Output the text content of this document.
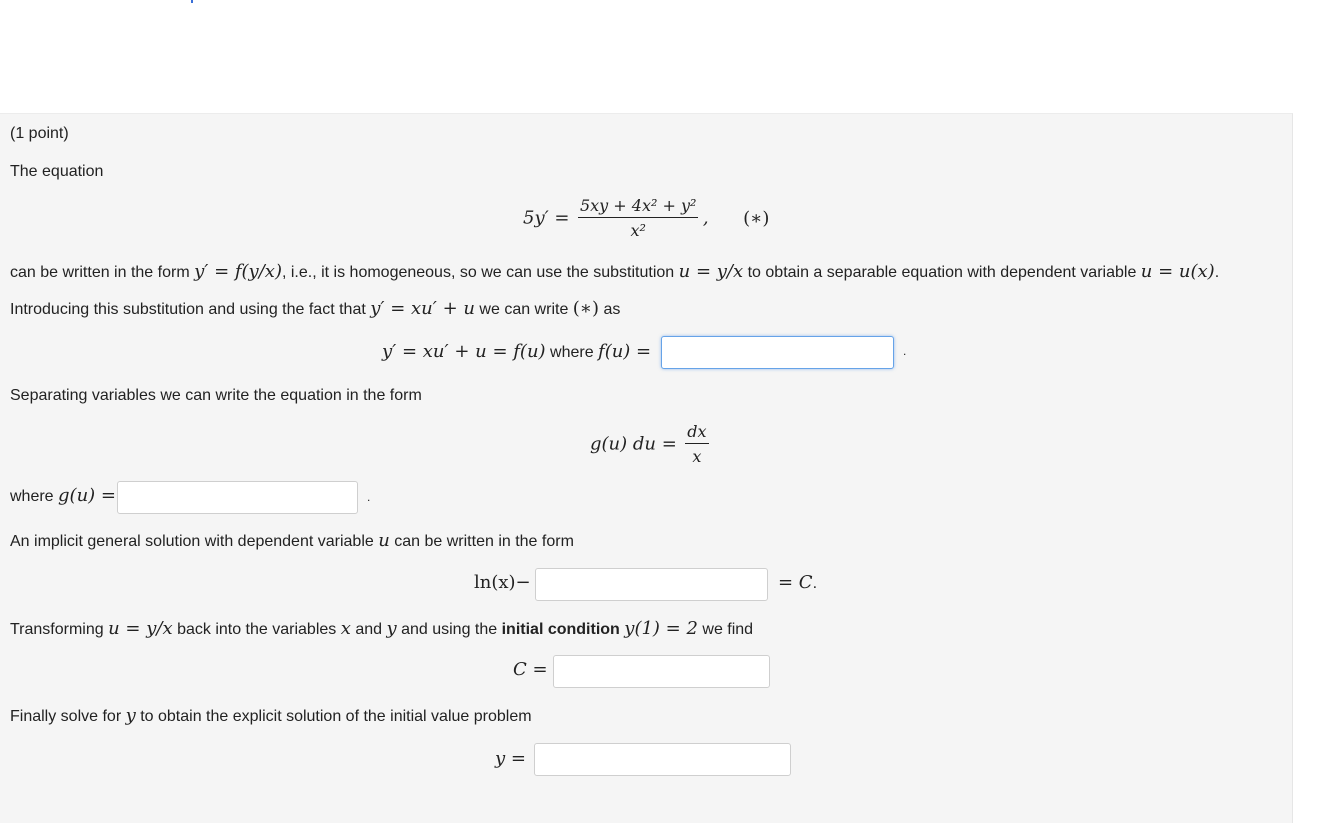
(1 point)
The equation
$5y' = \frac{\text{5xy + 4x² + y²}}{\text{x²}}$ , (∗)
can be written in the form y′ = f(y/x), i.e., it is homogeneous, so we can use the substitution u = y/x to obtain a separable equation with dependent variable u = u(x).
Introducing this substitution and using the fact that y′ = xu′ + u we can write (∗) as
y′ = xu′ + u = f(u) where f(u) =	.
Separating variables we can write the equation in the form
g(u) du = $\frac{dx}{x}$
where g(u) =	.
An implicit general solution with dependent variable u can be written in the form
ln(x)−	= C.
Transforming u = y/x back into the variables x and y and using the initial condition y(1) = 2 we find
C =
Finally solve for y to obtain the explicit solution of the initial value problem
y =
